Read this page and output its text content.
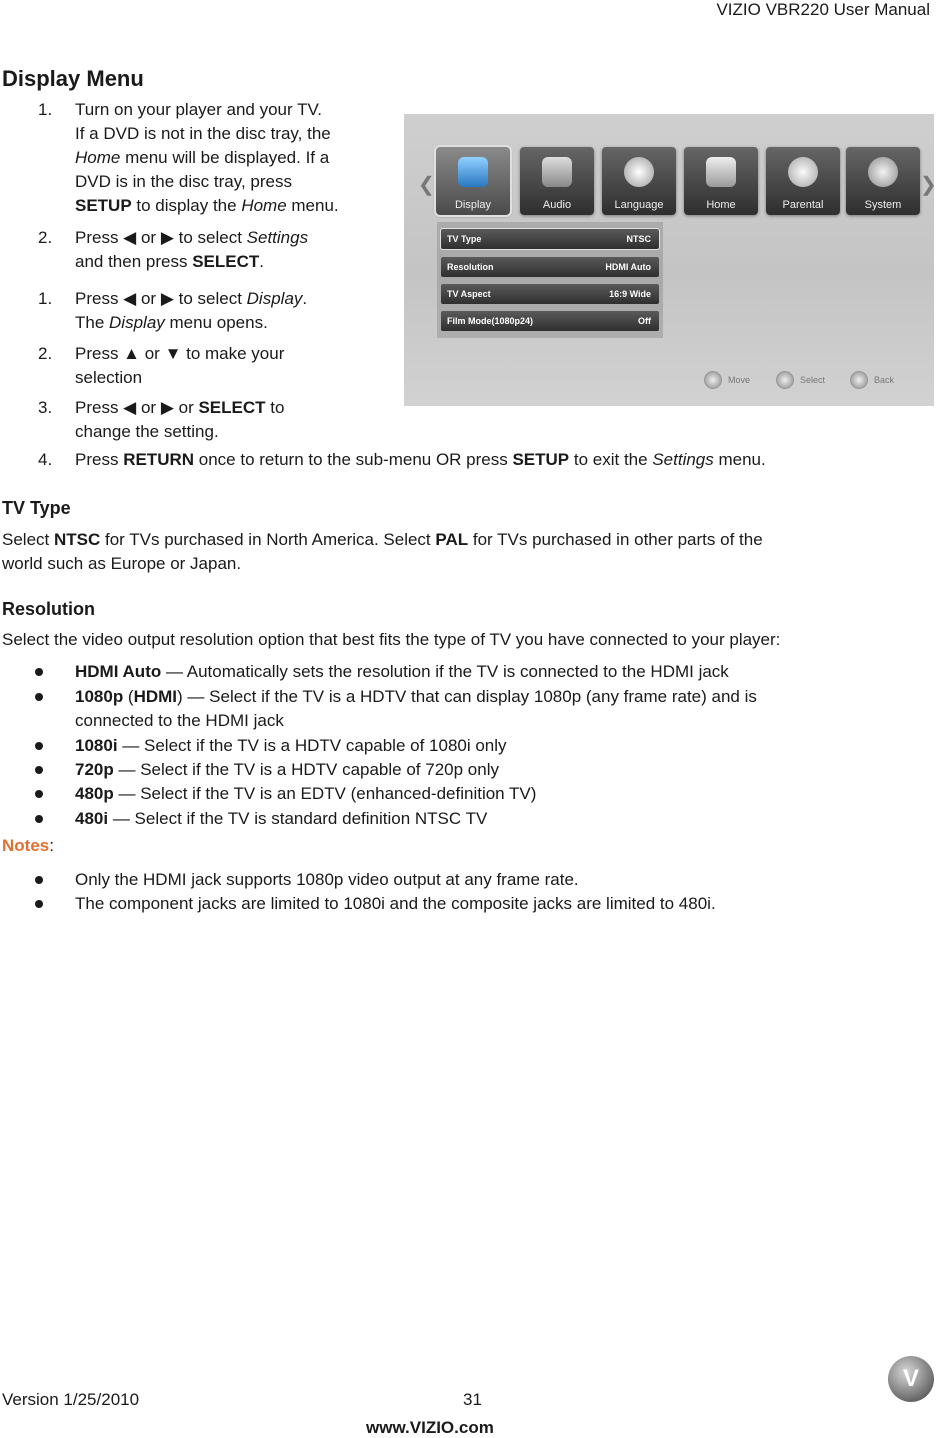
VIZIO VBR220 User Manual
Display Menu
1. Turn on your player and your TV.
If a DVD is not in the disc tray, the
Home menu will be displayed. If a
DVD is in the disc tray, press
SETUP to display the Home menu.
2. Press ◀ or ▶ to select Settings
and then press SELECT.
1. Press ◀ or ▶ to select Display.
The Display menu opens.
2. Press ▲ or ▼ to make your
selection
3. Press ◀ or ▶ or SELECT to
change the setting.
4. Press RETURN once to return to the sub-menu OR press SETUP to exit the Settings menu.
❮	❯
Display	Audio	Language	Home	Parental	System
TV Type	NTSC
Resolution	HDMI Auto
TV Aspect	16:9 Wide
Film Mode(1080p24)	Off
Move	Select	Back
TV Type
Select NTSC for TVs purchased in North America. Select PAL for TVs purchased in other parts of the
world such as Europe or Japan.
Resolution
Select the video output resolution option that best fits the type of TV you have connected to your player:
HDMI Auto — Automatically sets the resolution if the TV is connected to the HDMI jack
1080p (HDMI) — Select if the TV is a HDTV that can display 1080p (any frame rate) and is
connected to the HDMI jack
1080i — Select if the TV is a HDTV capable of 1080i only
720p — Select if the TV is a HDTV capable of 720p only
480p — Select if the TV is an EDTV (enhanced-definition TV)
480i — Select if the TV is standard definition NTSC TV
Notes:
Only the HDMI jack supports 1080p video output at any frame rate.
The component jacks are limited to 1080i and the composite jacks are limited to 480i.
Version 1/25/2010	31
www.VIZIO.com
V
